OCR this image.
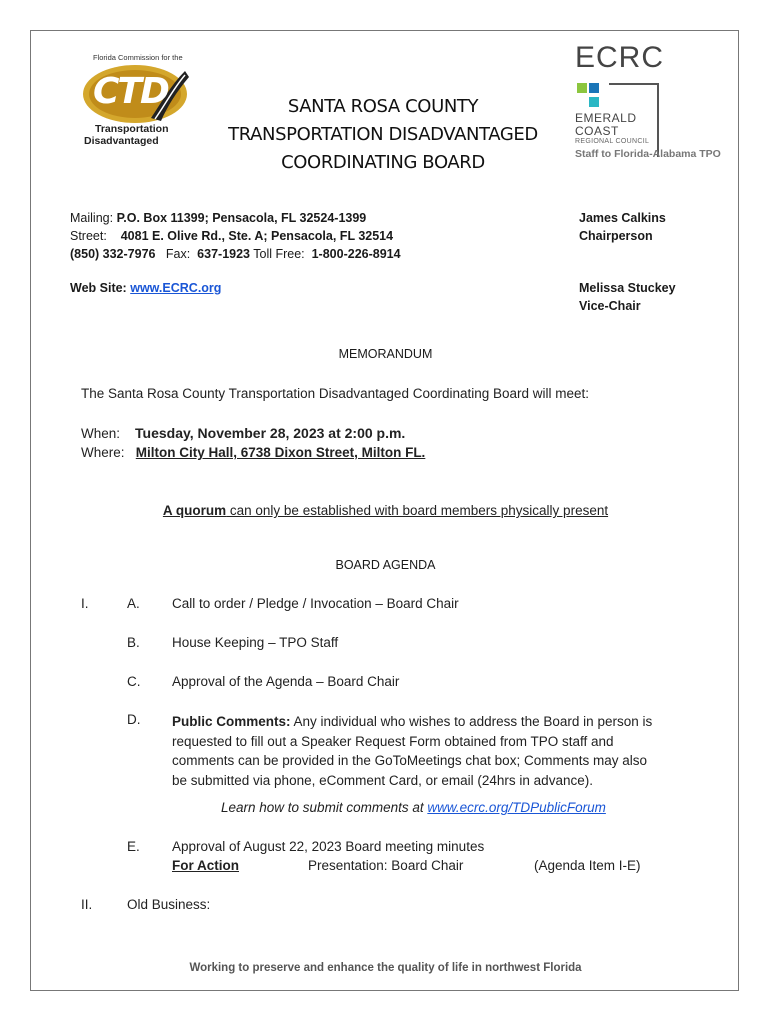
Florida Commission for the
CTD
Transportation
Disadvantaged
SANTA ROSA COUNTY
TRANSPORTATION DISADVANTAGED
COORDINATING BOARD
ECRC
EMERALD
COAST
REGIONAL COUNCIL
Staff to Florida-Alabama TPO
Mailing: P.O. Box 11399; Pensacola, FL 32524-1399
Street: 4081 E. Olive Rd., Ste. A; Pensacola, FL 32514
(850) 332-7976 Fax: 637-1923 Toll Free: 1-800-226-8914
Web Site: www.ECRC.org
James Calkins
Chairperson
Melissa Stuckey
Vice-Chair
MEMORANDUM
The Santa Rosa County Transportation Disadvantaged Coordinating Board will meet:
When: Tuesday, November 28, 2023 at 2:00 p.m.
Where: Milton City Hall, 6738 Dixon Street, Milton FL.
A quorum can only be established with board members physically present
BOARD AGENDA
I.	A. Call to order / Pledge / Invocation – Board Chair
B. House Keeping – TPO Staff
C. Approval of the Agenda – Board Chair
D. Public Comments: Any individual who wishes to address the Board in person is
requested to fill out a Speaker Request Form obtained from TPO staff and
comments can be provided in the GoToMeetings chat box; Comments may also
be submitted via phone, eComment Card, or email (24hrs in advance).
Learn how to submit comments at www.ecrc.org/TDPublicForum
E. Approval of August 22, 2023 Board meeting minutes
For Action	Presentation: Board Chair	(Agenda Item I-E)
II.	Old Business:
Working to preserve and enhance the quality of life in northwest Florida
